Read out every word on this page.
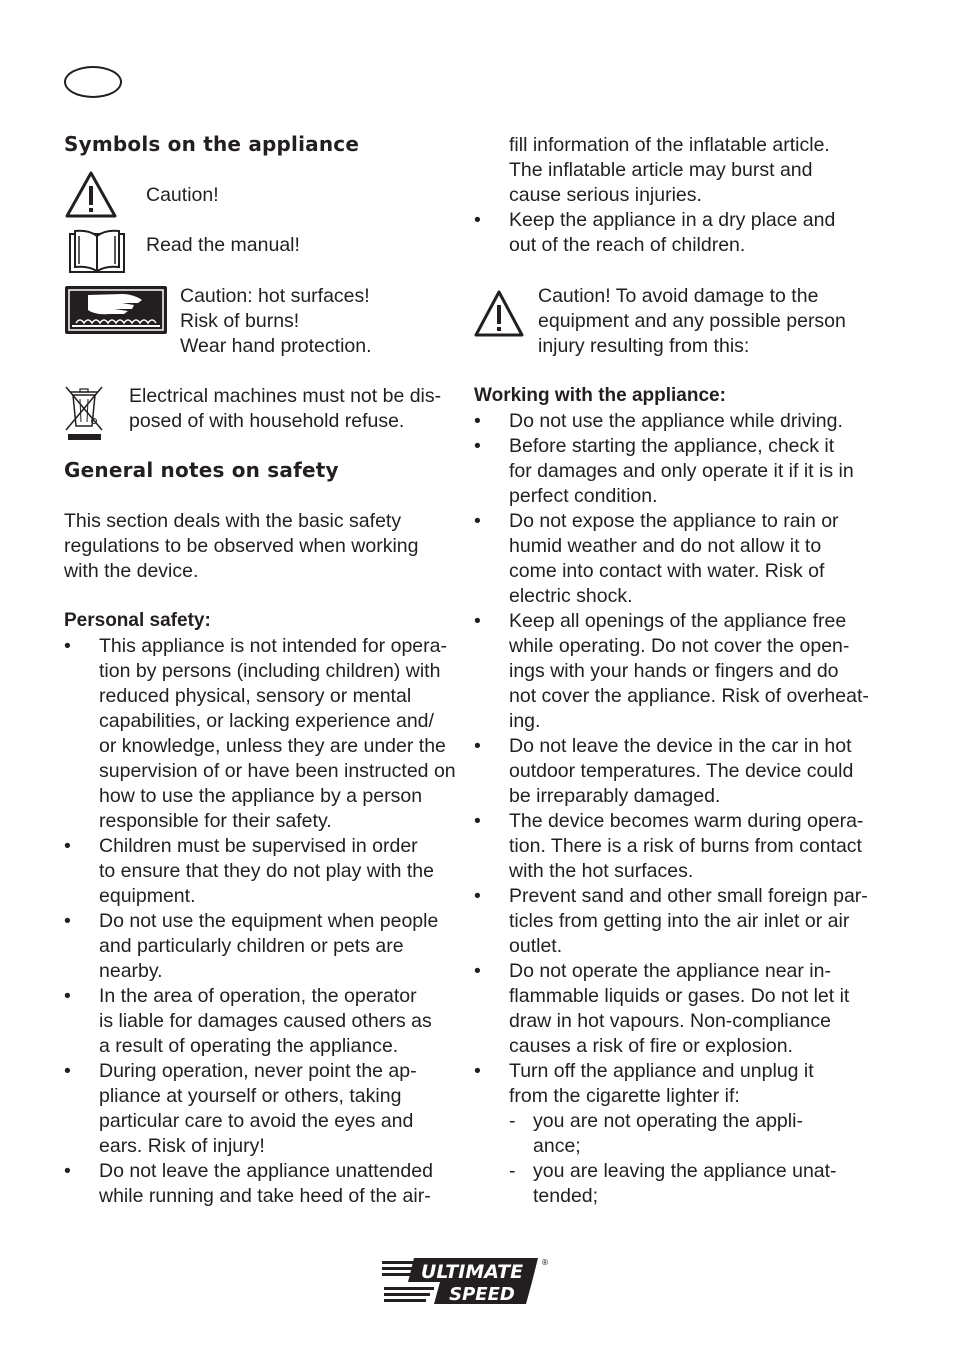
Symbols on the appliance
Caution!
Read the manual!
Caution: hot surfaces!
Risk of burns!
Wear hand protection.
Electrical machines must not be dis-
posed of with household refuse.
General notes on safety
This section deals with the basic safety
regulations to be observed when working
with the device.
Personal safety:
• This appliance is not intended for opera-
tion by persons (including children) with
reduced physical, sensory or mental
capabilities, or lacking experience and/
or knowledge, unless they are under the
supervision of or have been instructed on
how to use the appliance by a person
responsible for their safety.
• Children must be supervised in order
to ensure that they do not play with the
equipment.
• Do not use the equipment when people
and particularly children or pets are
nearby.
• In the area of operation, the operator
is liable for damages caused others as
a result of operating the appliance.
• During operation, never point the ap-
pliance at yourself or others, taking
particular care to avoid the eyes and
ears. Risk of injury!
• Do not leave the appliance unattended
while running and take heed of the air-
fill information of the inflatable article.
The inflatable article may burst and
cause serious injuries.
• Keep the appliance in a dry place and
out of the reach of children.
Caution! To avoid damage to the
equipment and any possible person
injury resulting from this:
Working with the appliance:
• Do not use the appliance while driving.
• Before starting the appliance, check it
for damages and only operate it if it is in
perfect condition.
• Do not expose the appliance to rain or
humid weather and do not allow it to
come into contact with water. Risk of
electric shock.
• Keep all openings of the appliance free
while operating. Do not cover the open-
ings with your hands or fingers and do
not cover the appliance. Risk of overheat-
ing.
• Do not leave the device in the car in hot
outdoor temperatures. The device could
be irreparably damaged.
• The device becomes warm during opera-
tion. There is a risk of burns from contact
with the hot surfaces.
• Prevent sand and other small foreign par-
ticles from getting into the air inlet or air
outlet.
• Do not operate the appliance near in-
flammable liquids or gases. Do not let it
draw in hot vapours. Non-compliance
causes a risk of fire or explosion.
• Turn off the appliance and unplug it
from the cigarette lighter if:
- you are not operating the appli-
ance;
- you are leaving the appliance unat-
tended;
ULTIMATE
SPEED
®
